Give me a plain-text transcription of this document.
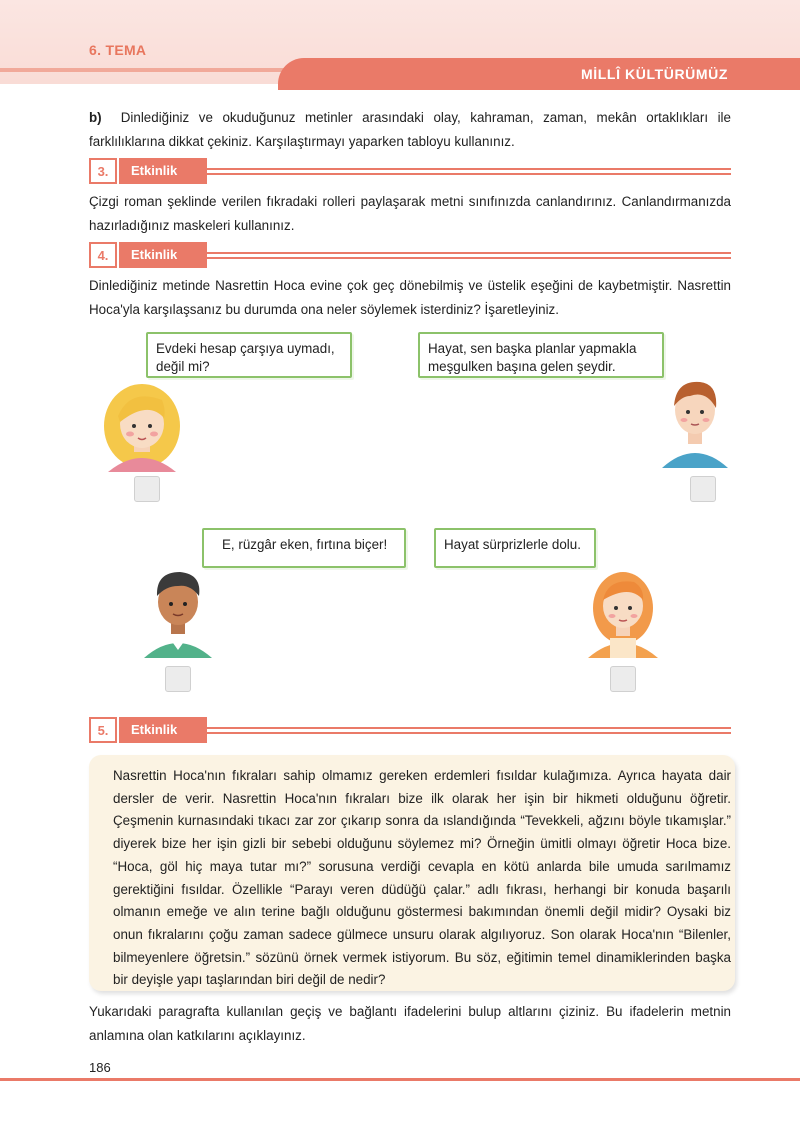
6. TEMA
MİLLÎ KÜLTÜRÜMÜZ
b) Dinlediğiniz ve okuduğunuz metinler arasındaki olay, kahraman, zaman, mekân ortaklıkları ile farklılıklarına dikkat çekiniz. Karşılaştırmayı yaparken tabloyu kullanınız.
3.	Etkinlik
Çizgi roman şeklinde verilen fıkradaki rolleri paylaşarak metni sınıfınızda canlandırınız. Canlandırmanızda hazırladığınız maskeleri kullanınız.
4.	Etkinlik
Dinlediğiniz metinde Nasrettin Hoca evine çok geç dönebilmiş ve üstelik eşeğini de kaybetmiştir. Nasrettin Hoca'yla karşılaşsanız bu durumda ona neler söylemek isterdiniz? İşaretleyiniz.
Evdeki hesap çarşıya uymadı, değil mi?
Hayat, sen başka planlar yapmakla meşgulken başına gelen şeydir.
E, rüzgâr eken, fırtına biçer!	Hayat sürprizlerle dolu.
5.	Etkinlik
Nasrettin Hoca'nın fıkraları sahip olmamız gereken erdemleri fısıldar kulağımıza. Ayrıca hayata dair dersler de verir. Nasrettin Hoca'nın fıkraları bize ilk olarak her işin bir hikmeti olduğunu öğretir. Çeşmenin kurnasındaki tıkacı zar zor çıkarıp sonra da ıslandığında “Tevekkeli, ağzını böyle tıkamışlar.” diyerek bize her işin gizli bir sebebi olduğunu söylemez mi? Örneğin ümitli olmayı öğretir Hoca bize. “Hoca, göl hiç maya tutar mı?” sorusuna verdiği cevapla en kötü anlarda bile umuda sarılmamız gerektiğini fısıldar. Özellikle “Parayı veren düdüğü çalar.” adlı fıkrası, herhangi bir konuda başarılı olmanın emeğe ve alın terine bağlı olduğunu göstermesi bakımından önemli değil midir? Oysaki biz onun fıkralarını çoğu zaman sadece gülmece unsuru olarak algılıyoruz. Son olarak Hoca'nın “Bilenler, bilmeyenlere öğretsin.” sözünü örnek vermek istiyorum. Bu söz, eğitimin temel dinamiklerinden başka bir deyişle yapı taşlarından biri değil de nedir?
Yukarıdaki paragrafta kullanılan geçiş ve bağlantı ifadelerini bulup altlarını çiziniz. Bu ifadelerin metnin anlamına olan katkılarını açıklayınız.
186
